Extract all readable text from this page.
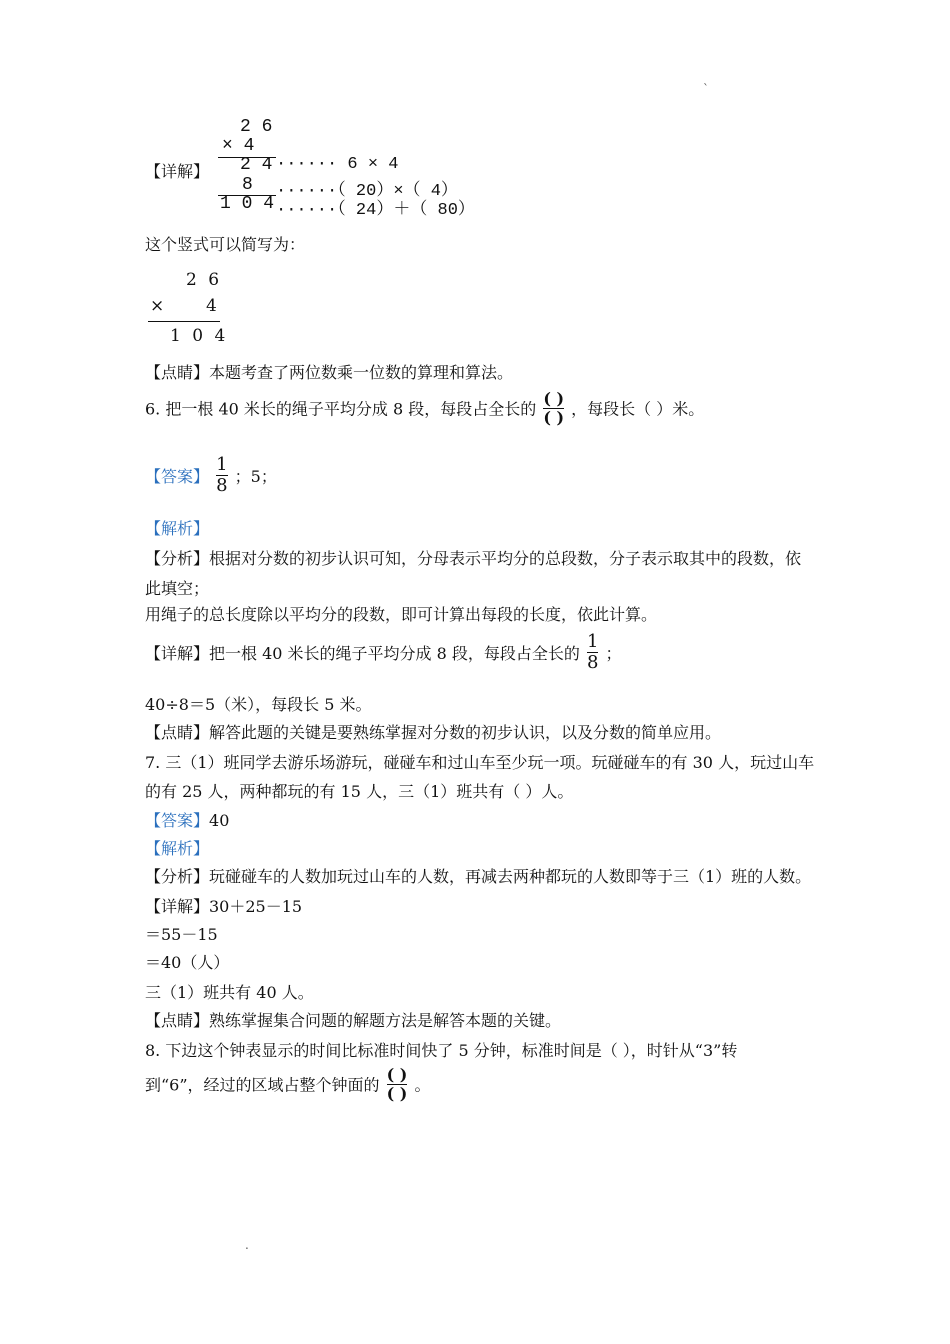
`
.
【详解】
2 6
× 4
2 4 ······ 6 × 4
8 ······（ 20）×（ 4）
1 0 4 ······（ 24）＋（ 80）
这个竖式可以简写为：
2 6
× 4
1 0 4
【点睛】本题考查了两位数乘一位数的算理和算法。
6. 把一根 40 米长的绳子平均分成 8 段，每段占全长的 $\frac{( )}{( )}$ ，每段长（ ）米。
【答案】 $\frac{1}{8}$ ；5；
【解析】
【分析】根据对分数的初步认识可知，分母表示平均分的总段数，分子表示取其中的段数，依
此填空；
用绳子的总长度除以平均分的段数，即可计算出每段的长度，依此计算。
【详解】把一根 40 米长的绳子平均分成 8 段，每段占全长的 $\frac{1}{8}$ ；
40÷8＝5（米），每段长 5 米。
【点睛】解答此题的关键是要熟练掌握对分数的初步认识，以及分数的简单应用。
7. 三（1）班同学去游乐场游玩，碰碰车和过山车至少玩一项。玩碰碰车的有 30 人，玩过山车
的有 25 人，两种都玩的有 15 人，三（1）班共有（ ）人。
【答案】40
【解析】
【分析】玩碰碰车的人数加玩过山车的人数，再减去两种都玩的人数即等于三（1）班的人数。
【详解】30＋25－15
＝55－15
＝40（人）
三（1）班共有 40 人。
【点睛】熟练掌握集合问题的解题方法是解答本题的关键。
8. 下边这个钟表显示的时间比标准时间快了 5 分钟，标准时间是（ ），时针从“3”转
到“6”，经过的区域占整个钟面的 $\frac{( )}{( )}$ 。
